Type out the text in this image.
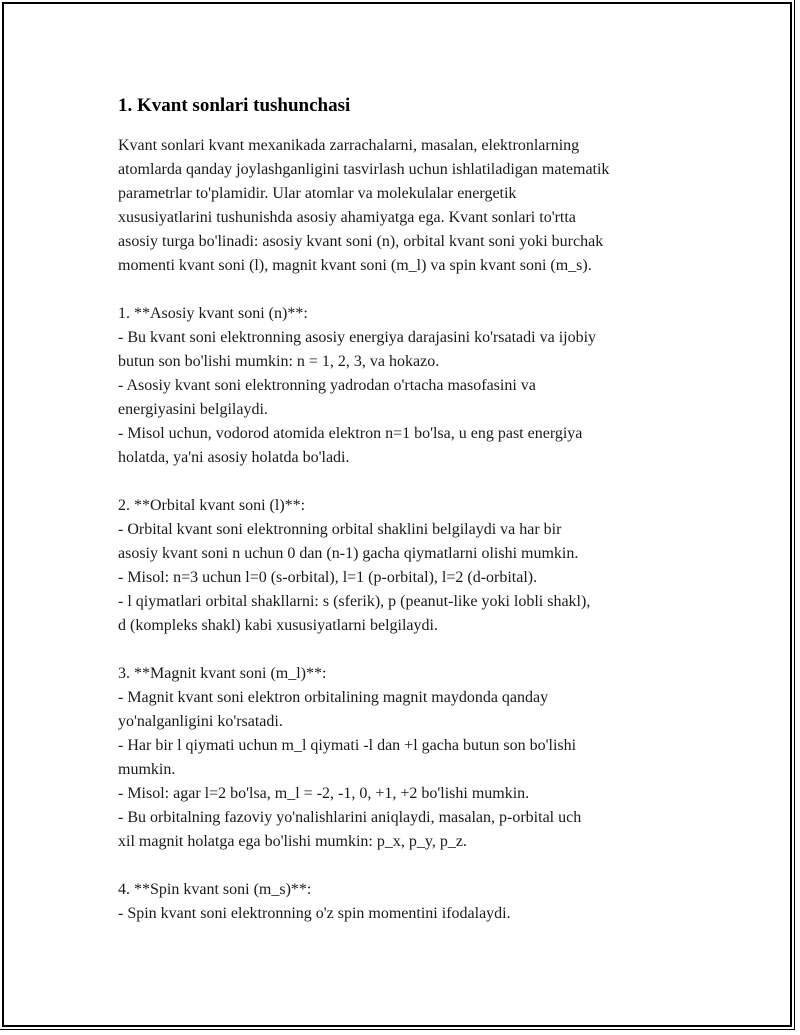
1. Kvant sonlari tushunchasi

Kvant sonlari kvant mexanikada zarrachalarni, masalan, elektronlarning
atomlarda qanday joylashganligini tasvirlash uchun ishlatiladigan matematik
parametrlar to'plamidir. Ular atomlar va molekulalar energetik
xususiyatlarini tushunishda asosiy ahamiyatga ega. Kvant sonlari to'rtta
asosiy turga bo'linadi: asosiy kvant soni (n), orbital kvant soni yoki burchak
momenti kvant soni (l), magnit kvant soni (m_l) va spin kvant soni (m_s).

1. **Asosiy kvant soni (n)**:
- Bu kvant soni elektronning asosiy energiya darajasini ko'rsatadi va ijobiy
butun son bo'lishi mumkin: n = 1, 2, 3, va hokazo.
- Asosiy kvant soni elektronning yadrodan o'rtacha masofasini va
energiyasini belgilaydi.
- Misol uchun, vodorod atomida elektron n=1 bo'lsa, u eng past energiya
holatda, ya'ni asosiy holatda bo'ladi.

2. **Orbital kvant soni (l)**:
- Orbital kvant soni elektronning orbital shaklini belgilaydi va har bir
asosiy kvant soni n uchun 0 dan (n-1) gacha qiymatlarni olishi mumkin.
- Misol: n=3 uchun l=0 (s-orbital), l=1 (p-orbital), l=2 (d-orbital).
- l qiymatlari orbital shakllarni: s (sferik), p (peanut-like yoki lobli shakl),
d (kompleks shakl) kabi xususiyatlarni belgilaydi.

3. **Magnit kvant soni (m_l)**:
- Magnit kvant soni elektron orbitalining magnit maydonda qanday
yo'nalganligini ko'rsatadi.
- Har bir l qiymati uchun m_l qiymati -l dan +l gacha butun son bo'lishi
mumkin.
- Misol: agar l=2 bo'lsa, m_l = -2, -1, 0, +1, +2 bo'lishi mumkin.
- Bu orbitalning fazoviy yo'nalishlarini aniqlaydi, masalan, p-orbital uch
xil magnit holatga ega bo'lishi mumkin: p_x, p_y, p_z.

4. **Spin kvant soni (m_s)**:
- Spin kvant soni elektronning o'z spin momentini ifodalaydi.
